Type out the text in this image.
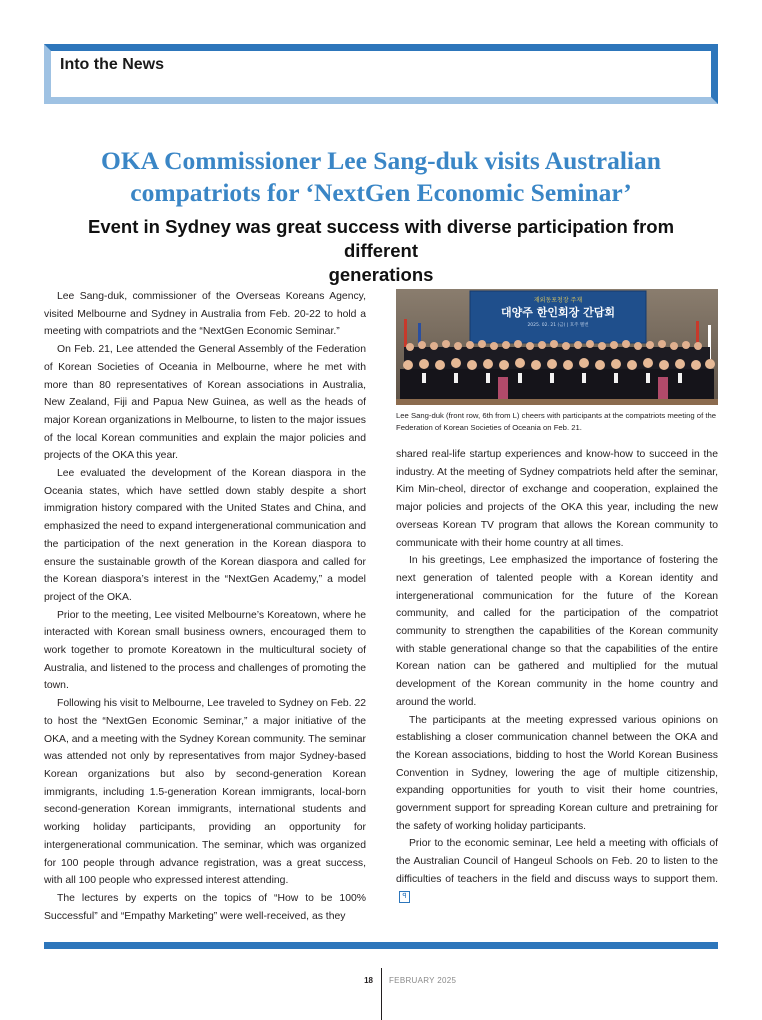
Into the News
OKA Commissioner Lee Sang-duk visits Australian
compatriots for ‘NextGen Economic Seminar’
Event in Sydney was great success with diverse participation from different
generations

Lee Sang-duk, commissioner of the Overseas Koreans Agency, visited Melbourne and Sydney in Australia from Feb. 20-22 to hold a meeting with compatriots and the “NextGen Economic Seminar.”

On Feb. 21, Lee attended the General Assembly of the Federation of Korean Societies of Oceania in Melbourne, where he met with more than 80 representatives of Korean associations in Australia, New Zealand, Fiji and Papua New Guinea, as well as the heads of major Korean organizations in Melbourne, to listen to the major issues of the local Korean communities and explain the major policies and projects of the OKA this year.

Lee evaluated the development of the Korean diaspora in the Oceania states, which have settled down stably despite a short immigration history compared with the United States and China, and emphasized the need to expand intergenerational communication and the participation of the next generation in the Korean diaspora to ensure the sustainable growth of the Korean diaspora and called for the Korean diaspora’s interest in the “NextGen Academy,” a model project of the OKA.

Prior to the meeting, Lee visited Melbourne’s Koreatown, where he interacted with Korean small business owners, encouraged them to work together to promote Koreatown in the multicultural society of Australia, and listened to the process and challenges of promoting the town.

Following his visit to Melbourne, Lee traveled to Sydney on Feb. 22 to host the “NextGen Economic Seminar,” a major initiative of the OKA, and a meeting with the Sydney Korean community. The seminar was attended not only by representatives from major Sydney-based Korean organizations but also by second-generation Korean immigrants, including 1.5-generation Korean immigrants, local-born second-generation Korean immigrants, international students and working holiday participants, providing an opportunity for intergenerational communication. The seminar, which was organized for 100 people through advance registration, was a great success, with all 100 people who expressed interest attending.

The lectures by experts on the topics of “How to be 100% Successful” and “Empathy Marketing” were well-received, as they

재외동포청장 주재
대양주 한인회장 간담회
2025. 02. 21 (금) | 호주 멜번
Lee Sang-duk (front row, 6th from L) cheers with participants at the compatriots meeting of the Federation of Korean Societies of Oceania on Feb. 21.

shared real-life startup experiences and know-how to succeed in the industry. At the meeting of Sydney compatriots held after the seminar, Kim Min-cheol, director of exchange and cooperation, explained the major policies and projects of the OKA this year, including the new overseas Korean TV program that allows the Korean community to communicate with their home country at all times.

In his greetings, Lee emphasized the importance of fostering the next generation of talented people with a Korean identity and intergenerational communication for the future of the Korean community, and called for the participation of the compatriot community to strengthen the capabilities of the Korean community with stable generational change so that the capabilities of the entire Korean nation can be gathered and multiplied for the mutual development of the Korean community in the home country and around the world.

The participants at the meeting expressed various opinions on establishing a closer communication channel between the OKA and the Korean associations, bidding to host the World Korean Business Convention in Sydney, lowering the age of multiple citizenship, expanding opportunities for youth to visit their home countries, government support for spreading Korean culture and pretraining for the safety of working holiday participants.

Prior to the economic seminar, Lee held a meeting with officials of the Australian Council of Hangeul Schools on Feb. 20 to listen to the difficulties of teachers in the field and discuss ways to support them.ꟼ

18 FEBRUARY 2025
